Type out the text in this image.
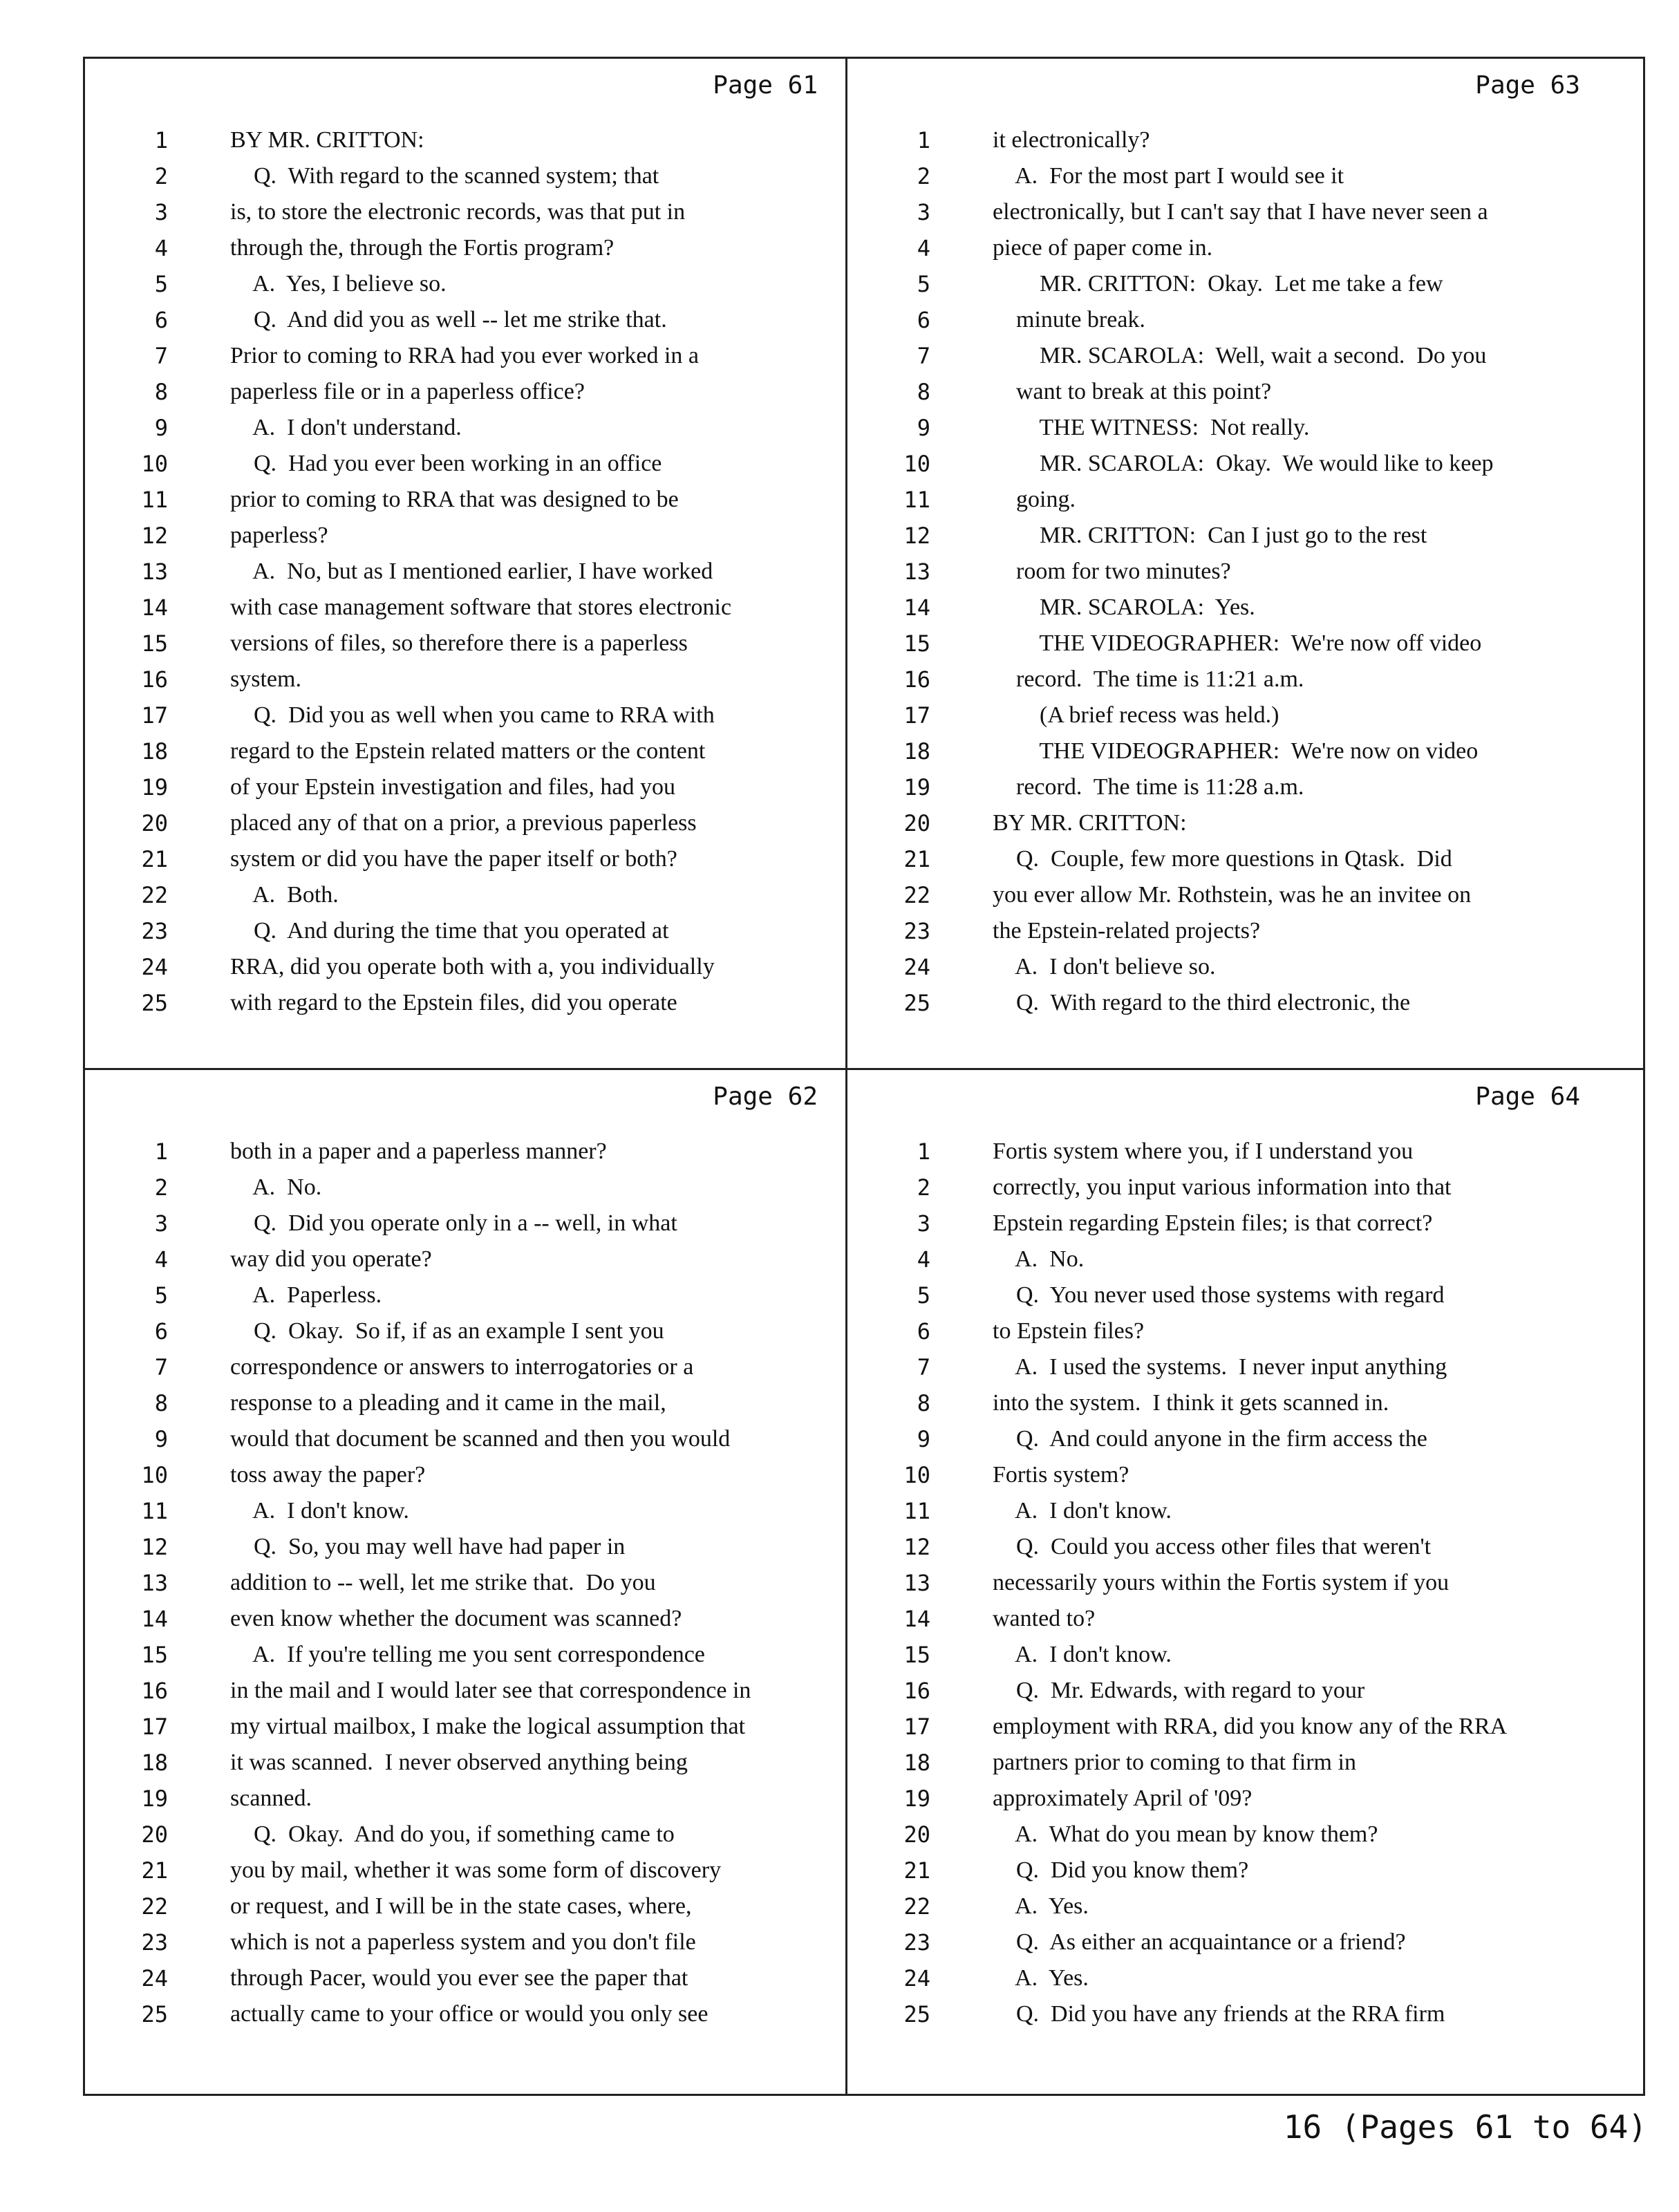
Page 61
1	BY MR. CRITTON:
2	Q.  With regard to the scanned system; that
3	is, to store the electronic records, was that put in
4	through the, through the Fortis program?
5	A.  Yes, I believe so.
6	Q.  And did you as well -- let me strike that.
7	Prior to coming to RRA had you ever worked in a
8	paperless file or in a paperless office?
9	A.  I don't understand.
10	Q.  Had you ever been working in an office
11	prior to coming to RRA that was designed to be
12	paperless?
13	A.  No, but as I mentioned earlier, I have worked
14	with case management software that stores electronic
15	versions of files, so therefore there is a paperless
16	system.
17	Q.  Did you as well when you came to RRA with
18	regard to the Epstein related matters or the content
19	of your Epstein investigation and files, had you
20	placed any of that on a prior, a previous paperless
21	system or did you have the paper itself or both?
22	A.  Both.
23	Q.  And during the time that you operated at
24	RRA, did you operate both with a, you individually
25	with regard to the Epstein files, did you operate
Page 63
1	it electronically?
2	A.  For the most part I would see it
3	electronically, but I can't say that I have never seen a
4	piece of paper come in.
5	MR. CRITTON:  Okay.  Let me take a few
6	minute break.
7	MR. SCAROLA:  Well, wait a second.  Do you
8	want to break at this point?
9	THE WITNESS:  Not really.
10	MR. SCAROLA:  Okay.  We would like to keep
11	going.
12	MR. CRITTON:  Can I just go to the rest
13	room for two minutes?
14	MR. SCAROLA:  Yes.
15	THE VIDEOGRAPHER:  We're now off video
16	record.  The time is 11:21 a.m.
17	(A brief recess was held.)
18	THE VIDEOGRAPHER:  We're now on video
19	record.  The time is 11:28 a.m.
20	BY MR. CRITTON:
21	Q.  Couple, few more questions in Qtask.  Did
22	you ever allow Mr. Rothstein, was he an invitee on
23	the Epstein-related projects?
24	A.  I don't believe so.
25	Q.  With regard to the third electronic, the
Page 62
1	both in a paper and a paperless manner?
2	A.  No.
3	Q.  Did you operate only in a -- well, in what
4	way did you operate?
5	A.  Paperless.
6	Q.  Okay.  So if, if as an example I sent you
7	correspondence or answers to interrogatories or a
8	response to a pleading and it came in the mail,
9	would that document be scanned and then you would
10	toss away the paper?
11	A.  I don't know.
12	Q.  So, you may well have had paper in
13	addition to -- well, let me strike that.  Do you
14	even know whether the document was scanned?
15	A.  If you're telling me you sent correspondence
16	in the mail and I would later see that correspondence in
17	my virtual mailbox, I make the logical assumption that
18	it was scanned.  I never observed anything being
19	scanned.
20	Q.  Okay.  And do you, if something came to
21	you by mail, whether it was some form of discovery
22	or request, and I will be in the state cases, where,
23	which is not a paperless system and you don't file
24	through Pacer, would you ever see the paper that
25	actually came to your office or would you only see
Page 64
1	Fortis system where you, if I understand you
2	correctly, you input various information into that
3	Epstein regarding Epstein files; is that correct?
4	A.  No.
5	Q.  You never used those systems with regard
6	to Epstein files?
7	A.  I used the systems.  I never input anything
8	into the system.  I think it gets scanned in.
9	Q.  And could anyone in the firm access the
10	Fortis system?
11	A.  I don't know.
12	Q.  Could you access other files that weren't
13	necessarily yours within the Fortis system if you
14	wanted to?
15	A.  I don't know.
16	Q.  Mr. Edwards, with regard to your
17	employment with RRA, did you know any of the RRA
18	partners prior to coming to that firm in
19	approximately April of '09?
20	A.  What do you mean by know them?
21	Q.  Did you know them?
22	A.  Yes.
23	Q.  As either an acquaintance or a friend?
24	A.  Yes.
25	Q.  Did you have any friends at the RRA firm
16 (Pages 61 to 64)
